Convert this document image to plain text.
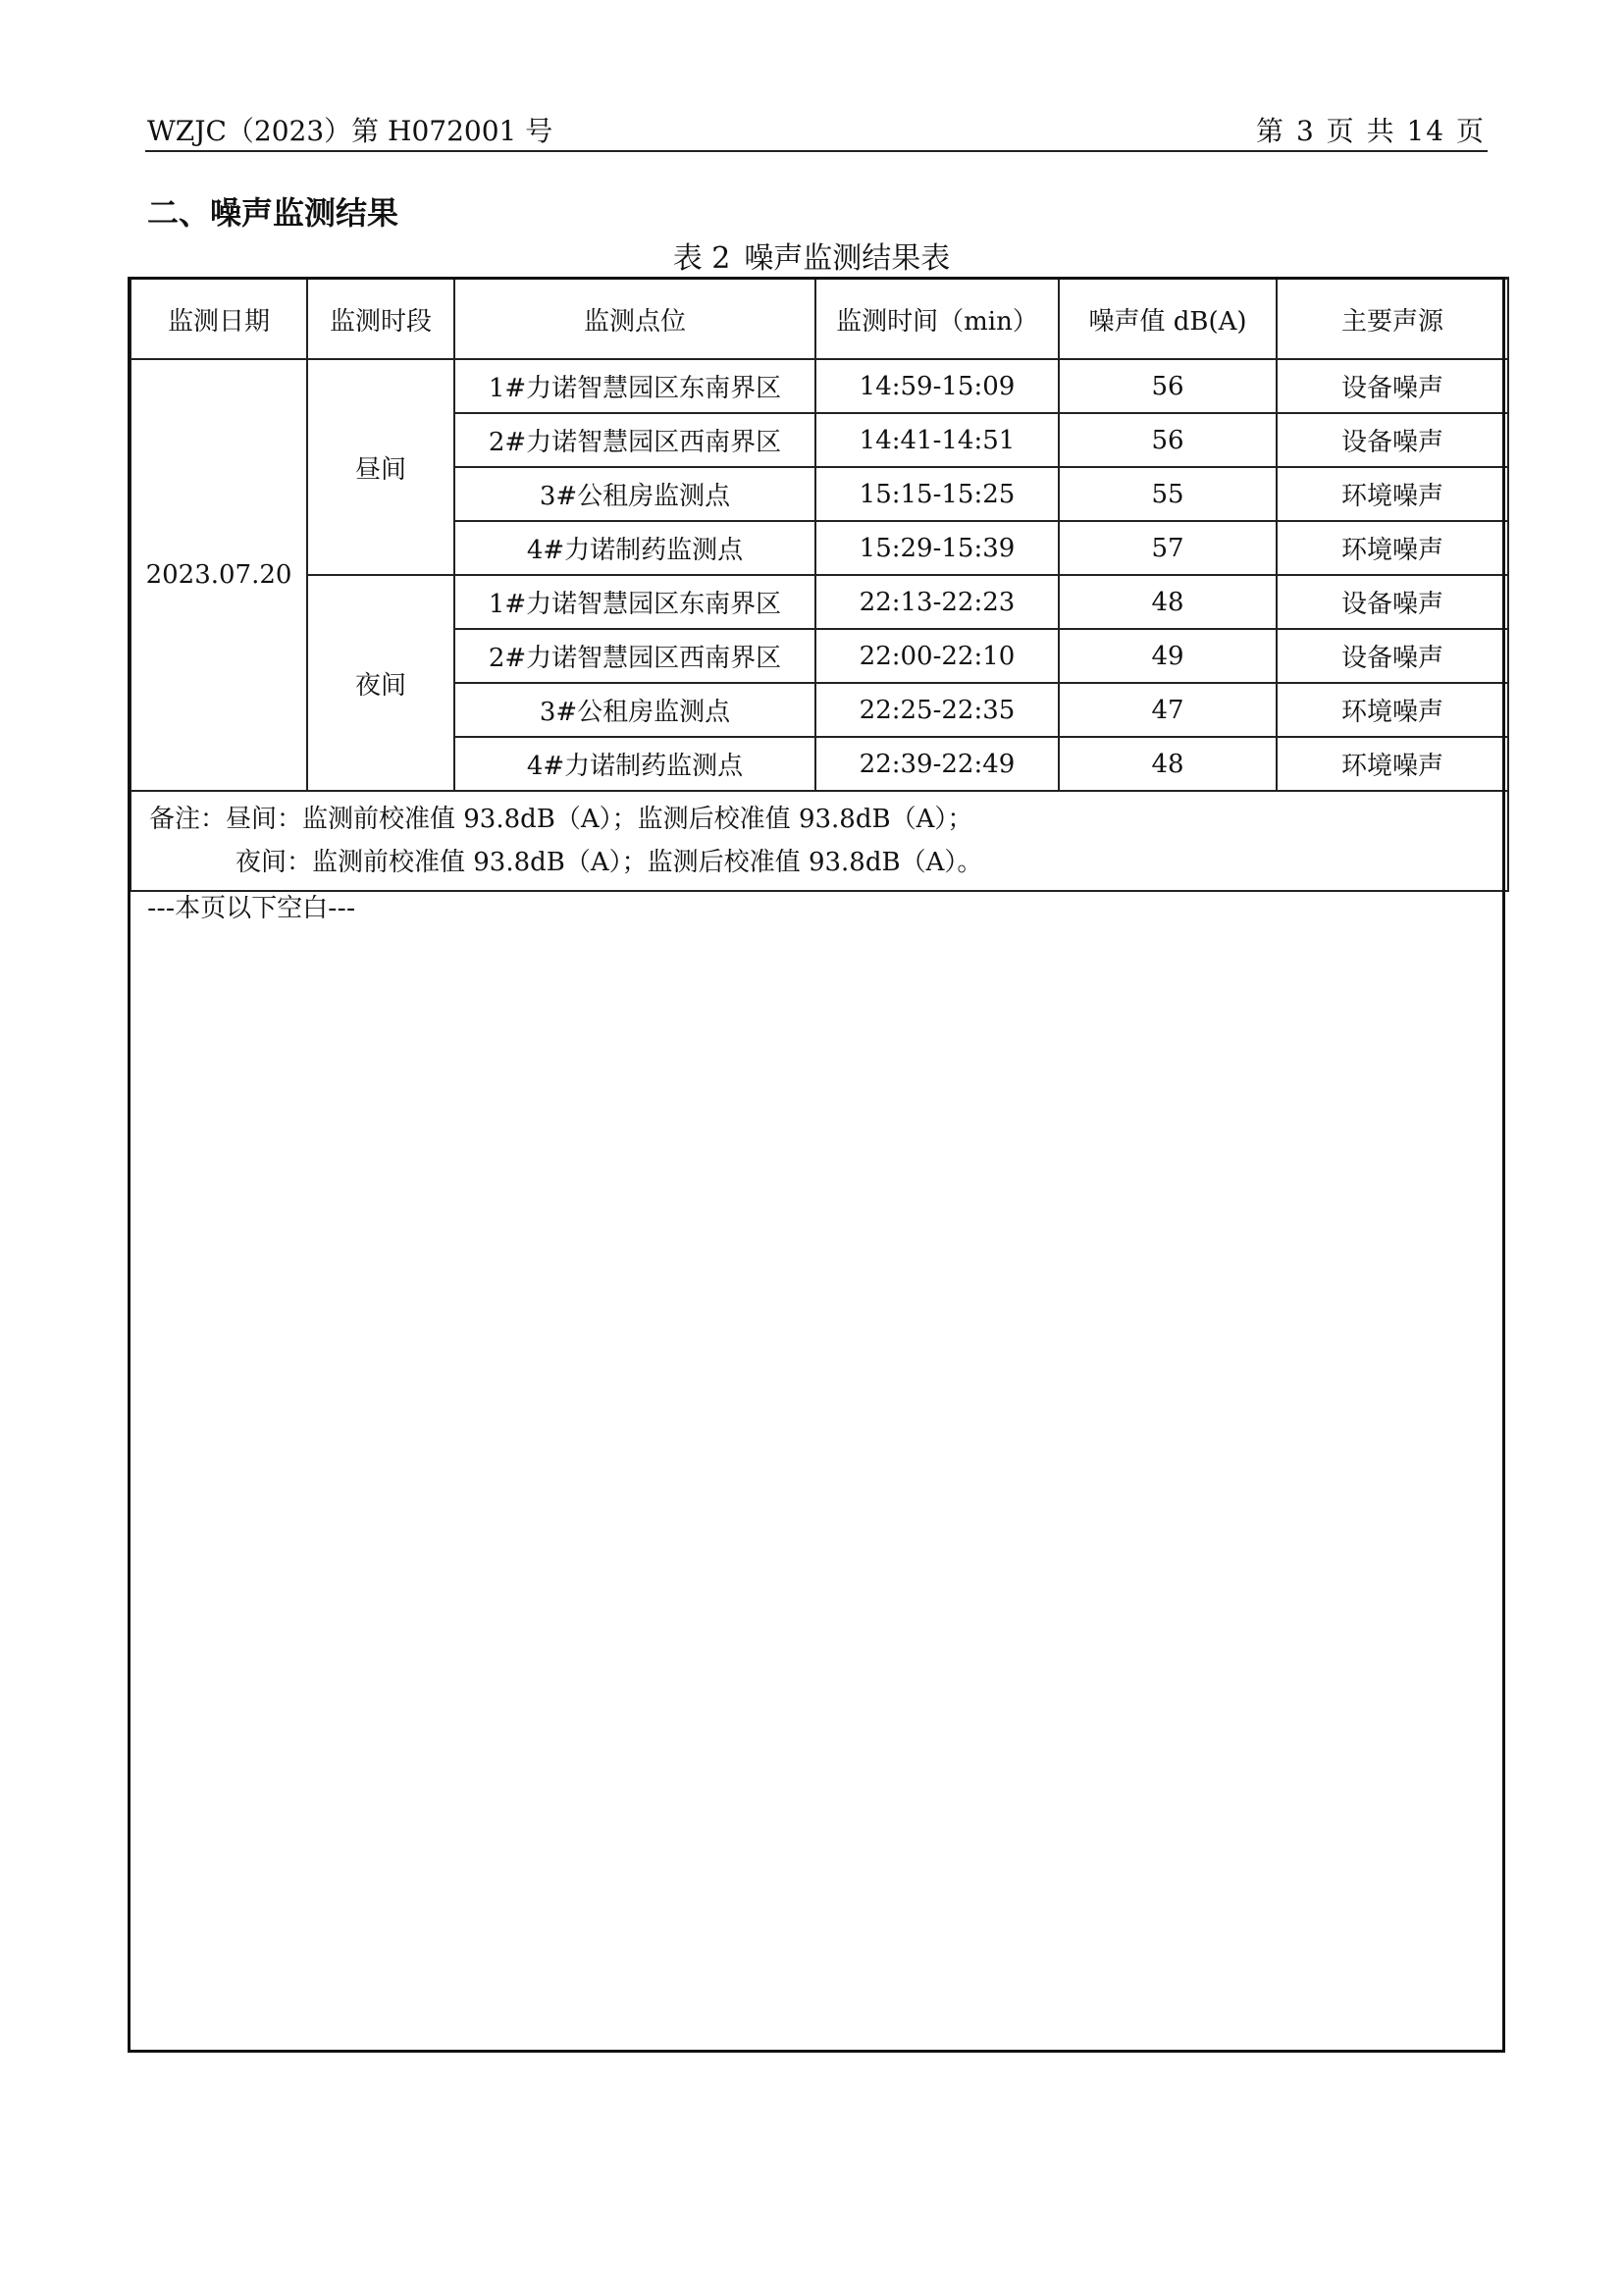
WZJC（2023）第 H072001 号	第 3 页 共 14 页
二、噪声监测结果
表 2 噪声监测结果表
监测日期	监测时段	监测点位	监测时间（min）	噪声值 dB(A)	主要声源
2023.07.20	昼间	1#力诺智慧园区东南界区	14:59-15:09	56	设备噪声
		2#力诺智慧园区西南界区	14:41-14:51	56	设备噪声
		3#公租房监测点	15:15-15:25	55	环境噪声
		4#力诺制药监测点	15:29-15:39	57	环境噪声
	夜间	1#力诺智慧园区东南界区	22:13-22:23	48	设备噪声
		2#力诺智慧园区西南界区	22:00-22:10	49	设备噪声
		3#公租房监测点	22:25-22:35	47	环境噪声
		4#力诺制药监测点	22:39-22:49	48	环境噪声

备注：昼间：监测前校准值 93.8dB（A）；监测后校准值 93.8dB（A）；
夜间：监测前校准值 93.8dB（A）；监测后校准值 93.8dB（A）。					
---本页以下空白---
